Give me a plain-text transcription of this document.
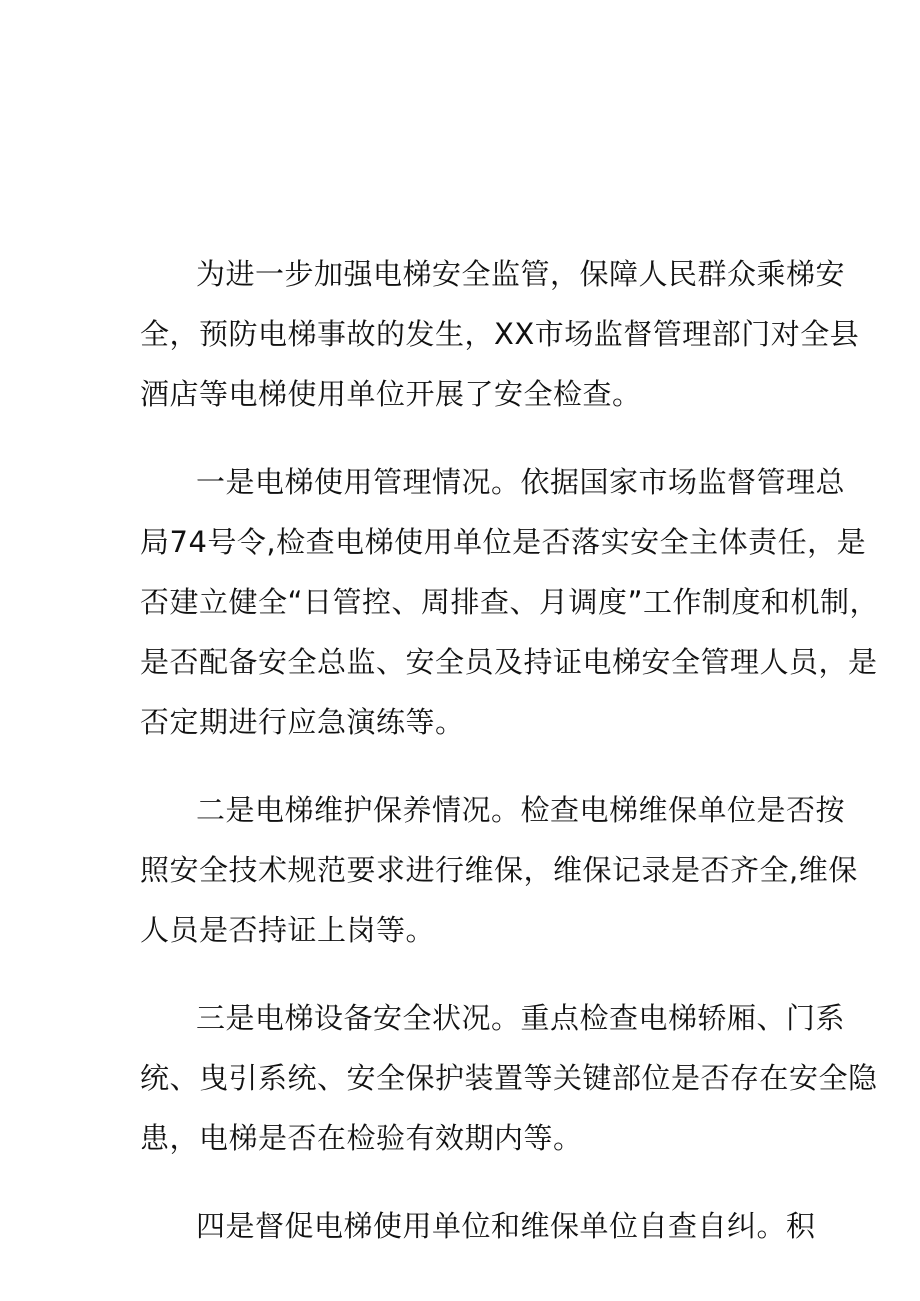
为进一步加强电梯安全监管，保障人民群众乘梯安
全，预防电梯事故的发生，XX市场监督管理部门对全县
酒店等电梯使用单位开展了安全检查。

一是电梯使用管理情况。依据国家市场监督管理总
局74号令,检查电梯使用单位是否落实安全主体责任，是
否建立健全“日管控、周排查、月调度”工作制度和机制，
是否配备安全总监、安全员及持证电梯安全管理人员，是
否定期进行应急演练等。

二是电梯维护保养情况。检查电梯维保单位是否按
照安全技术规范要求进行维保，维保记录是否齐全,维保
人员是否持证上岗等。

三是电梯设备安全状况。重点检查电梯轿厢、门系
统、曳引系统、安全保护装置等关键部位是否存在安全隐
患，电梯是否在检验有效期内等。

四是督促电梯使用单位和维保单位自查自纠。积
